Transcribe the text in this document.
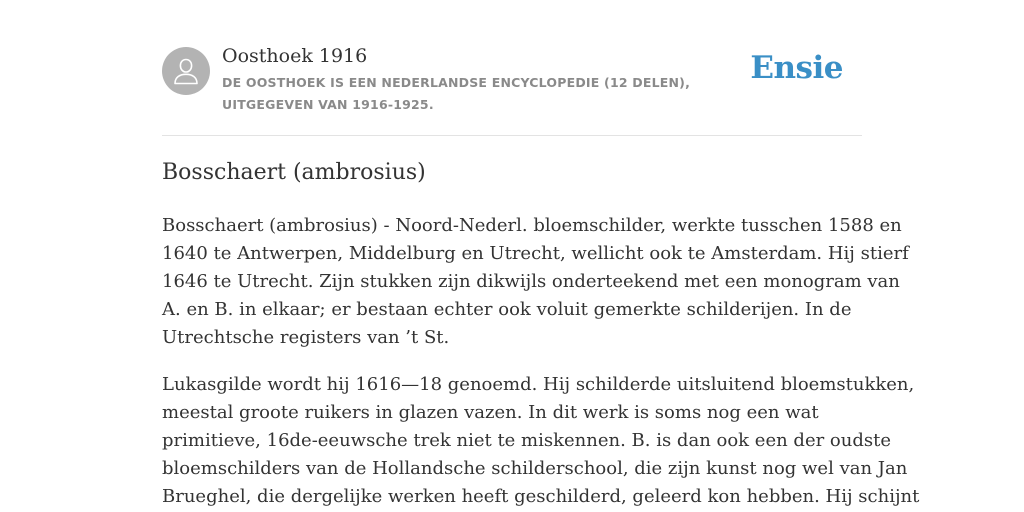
Oosthoek 1916
DE OOSTHOEK IS EEN NEDERLANDSE ENCYCLOPEDIE (12 DELEN), UITGEGEVEN VAN 1916-1925.
Ensie
Bosschaert (ambrosius)

Bosschaert (ambrosius) - Noord-Nederl. bloemschilder, werkte tusschen 1588 en
1640 te Antwerpen, Middelburg en Utrecht, wellicht ook te Amsterdam. Hij stierf
1646 te Utrecht. Zijn stukken zijn dikwijls onderteekend met een monogram van
A. en B. in elkaar; er bestaan echter ook voluit gemerkte schilderijen. In de
Utrechtsche registers van ’t St.

Lukasgilde wordt hij 1616—18 genoemd. Hij schilderde uitsluitend bloemstukken,
meestal groote ruikers in glazen vazen. In dit werk is soms nog een wat
primitieve, 16de-eeuwsche trek niet te miskennen. B. is dan ook een der oudste
bloemschilders van de Hollandsche schilderschool, die zijn kunst nog wel van Jan
Brueghel, die dergelijke werken heeft geschilderd, geleerd kon hebben. Hij schijnt
